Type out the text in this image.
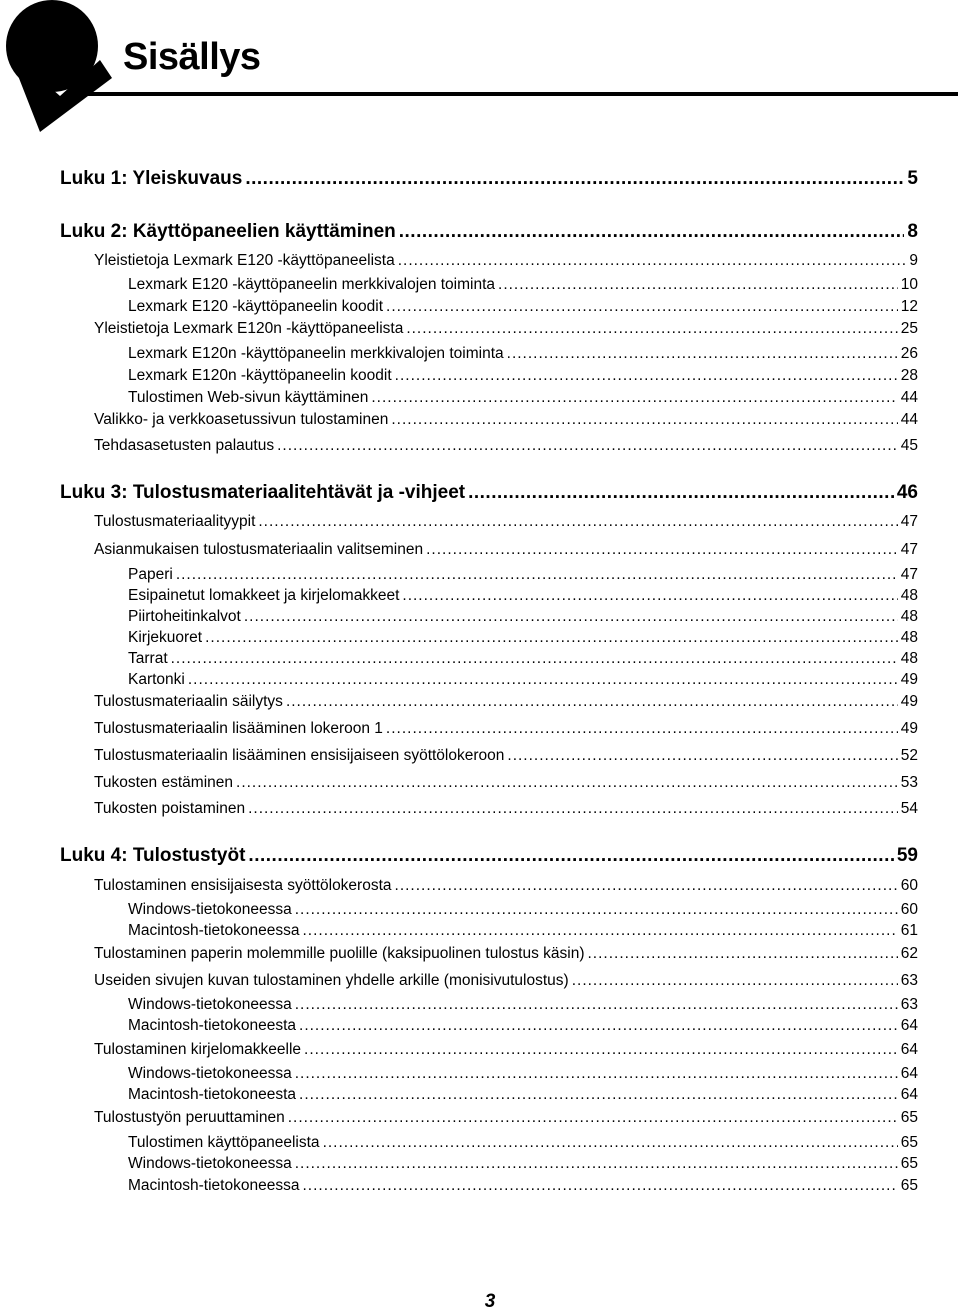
Sisällys
Luku 1: Yleiskuvaus .....	5
Luku 2: Käyttöpaneelien käyttäminen .....	8
Yleistietoja Lexmark E120 -käyttöpaneelista .....	9
Lexmark E120 -käyttöpaneelin merkkivalojen toiminta .....	10
Lexmark E120 -käyttöpaneelin koodit .....	12
Yleistietoja Lexmark E120n -käyttöpaneelista .....	25
Lexmark E120n -käyttöpaneelin merkkivalojen toiminta .....	26
Lexmark E120n -käyttöpaneelin koodit .....	28
Tulostimen Web-sivun käyttäminen .....	44
Valikko- ja verkkoasetussivun tulostaminen .....	44
Tehdasasetusten palautus .....	45
Luku 3: Tulostusmateriaalitehtävät ja -vihjeet .....	46
Tulostusmateriaalityypit .....	47
Asianmukaisen tulostusmateriaalin valitseminen .....	47
Paperi .....	47
Esipainetut lomakkeet ja kirjelomakkeet .....	48
Piirtoheitinkalvot .....	48
Kirjekuoret .....	48
Tarrat .....	48
Kartonki .....	49
Tulostusmateriaalin säilytys .....	49
Tulostusmateriaalin lisääminen lokeroon 1 .....	49
Tulostusmateriaalin lisääminen ensisijaiseen syöttölokeroon .....	52
Tukosten estäminen .....	53
Tukosten poistaminen .....	54
Luku 4: Tulostustyöt .....	59
Tulostaminen ensisijaisesta syöttölokerosta .....	60
Windows-tietokoneessa .....	60
Macintosh-tietokoneessa .....	61
Tulostaminen paperin molemmille puolille (kaksipuolinen tulostus käsin) .....	62
Useiden sivujen kuvan tulostaminen yhdelle arkille (monisivutulostus) .....	63
Windows-tietokoneessa .....	63
Macintosh-tietokoneesta .....	64
Tulostaminen kirjelomakkeelle .....	64
Windows-tietokoneessa .....	64
Macintosh-tietokoneesta .....	64
Tulostustyön peruuttaminen .....	65
Tulostimen käyttöpaneelista .....	65
Windows-tietokoneessa .....	65
Macintosh-tietokoneessa .....	65
3
